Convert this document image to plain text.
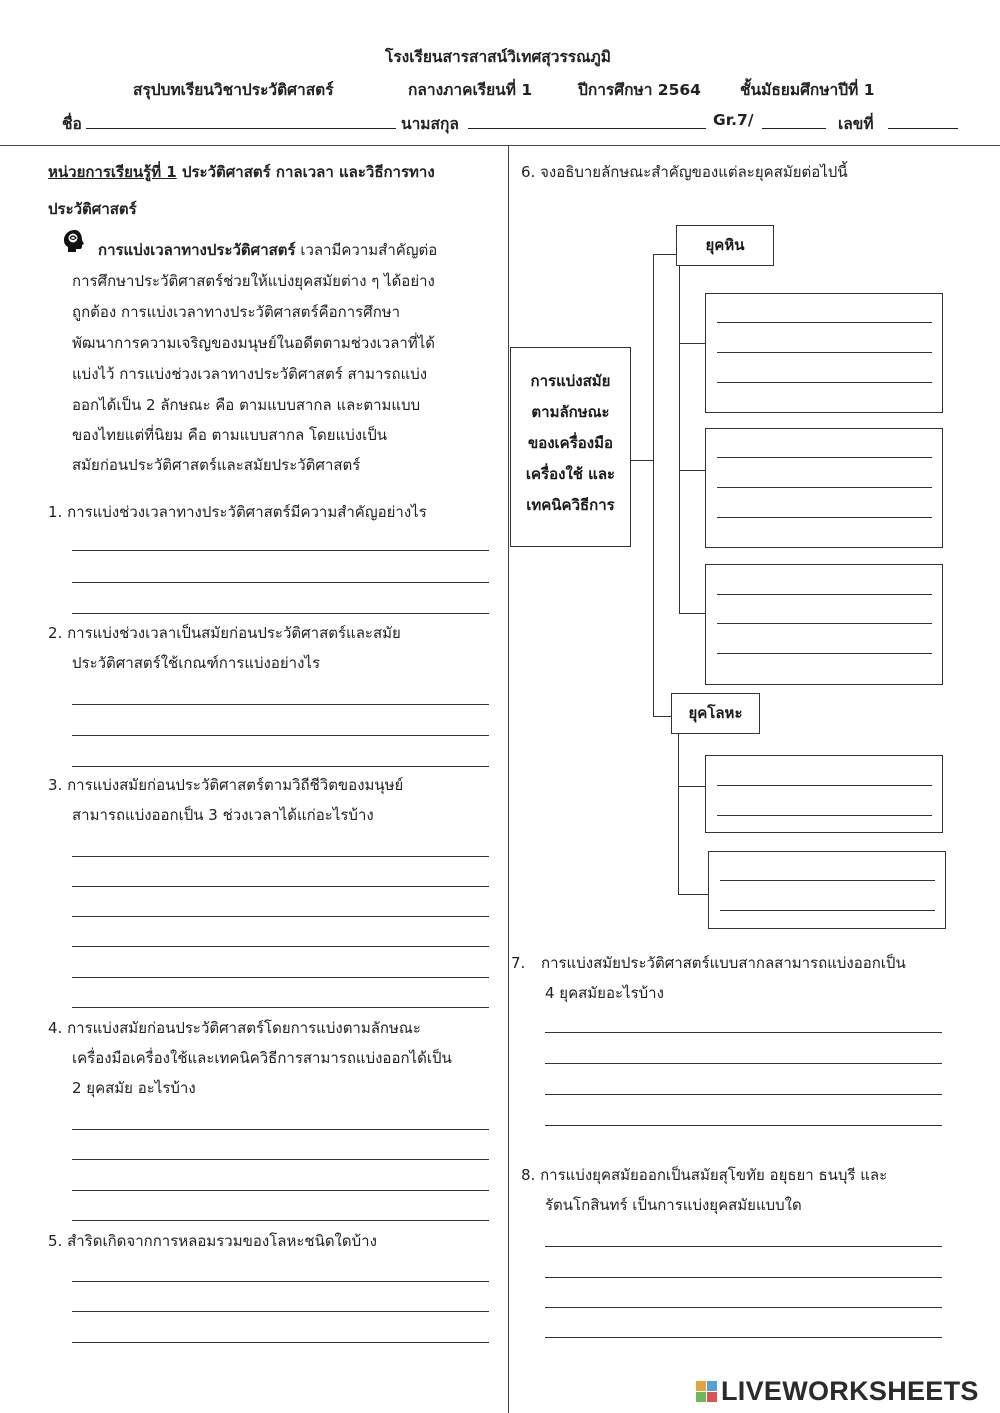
โรงเรียนสารสาสน์วิเทศสุวรรณภูมิ
สรุปบทเรียนวิชาประวัติศาสตร์	กลางภาคเรียนที่ 1	ปีการศึกษา 2564	ชั้นมัธยมศึกษาปีที่ 1
ชื่อ	นามสกุล	Gr.7/	เลขที่
หน่วยการเรียนรู้ที่ 1 ประวัติศาสตร์ กาลเวลา และวิธีการทาง
ประวัติศาสตร์
การแบ่งเวลาทางประวัติศาสตร์ เวลามีความสำคัญต่อ
การศึกษาประวัติศาสตร์ช่วยให้แบ่งยุคสมัยต่าง ๆ ได้อย่าง
ถูกต้อง การแบ่งเวลาทางประวัติศาสตร์คือการศึกษา
พัฒนาการความเจริญของมนุษย์ในอดีตตามช่วงเวลาที่ได้
แบ่งไว้ การแบ่งช่วงเวลาทางประวัติศาสตร์ สามารถแบ่ง
ออกได้เป็น 2 ลักษณะ คือ ตามแบบสากล และตามแบบ
ของไทยแต่ที่นิยม คือ ตามแบบสากล โดยแบ่งเป็น
สมัยก่อนประวัติศาสตร์และสมัยประวัติศาสตร์
1. การแบ่งช่วงเวลาทางประวัติศาสตร์มีความสำคัญอย่างไร
2. การแบ่งช่วงเวลาเป็นสมัยก่อนประวัติศาสตร์และสมัย
ประวัติศาสตร์ใช้เกณฑ์การแบ่งอย่างไร
3. การแบ่งสมัยก่อนประวัติศาสตร์ตามวิถีชีวิตของมนุษย์
สามารถแบ่งออกเป็น 3 ช่วงเวลาได้แก่อะไรบ้าง
4. การแบ่งสมัยก่อนประวัติศาสตร์โดยการแบ่งตามลักษณะ
เครื่องมือเครื่องใช้และเทคนิควิธีการสามารถแบ่งออกได้เป็น
2 ยุคสมัย อะไรบ้าง
5. สำริดเกิดจากการหลอมรวมของโลหะชนิดใดบ้าง
6. จงอธิบายลักษณะสำคัญของแต่ละยุคสมัยต่อไปนี้
การแบ่งสมัย
ตามลักษณะ
ของเครื่องมือ
เครื่องใช้ และ
เทคนิควิธีการ
ยุคหิน
ยุคโลหะ
7. การแบ่งสมัยประวัติศาสตร์แบบสากลสามารถแบ่งออกเป็น
4 ยุคสมัยอะไรบ้าง
8. การแบ่งยุคสมัยออกเป็นสมัยสุโขทัย อยุธยา ธนบุรี และ
รัตนโกสินทร์ เป็นการแบ่งยุคสมัยแบบใด
LIVEWORKSHEETS
